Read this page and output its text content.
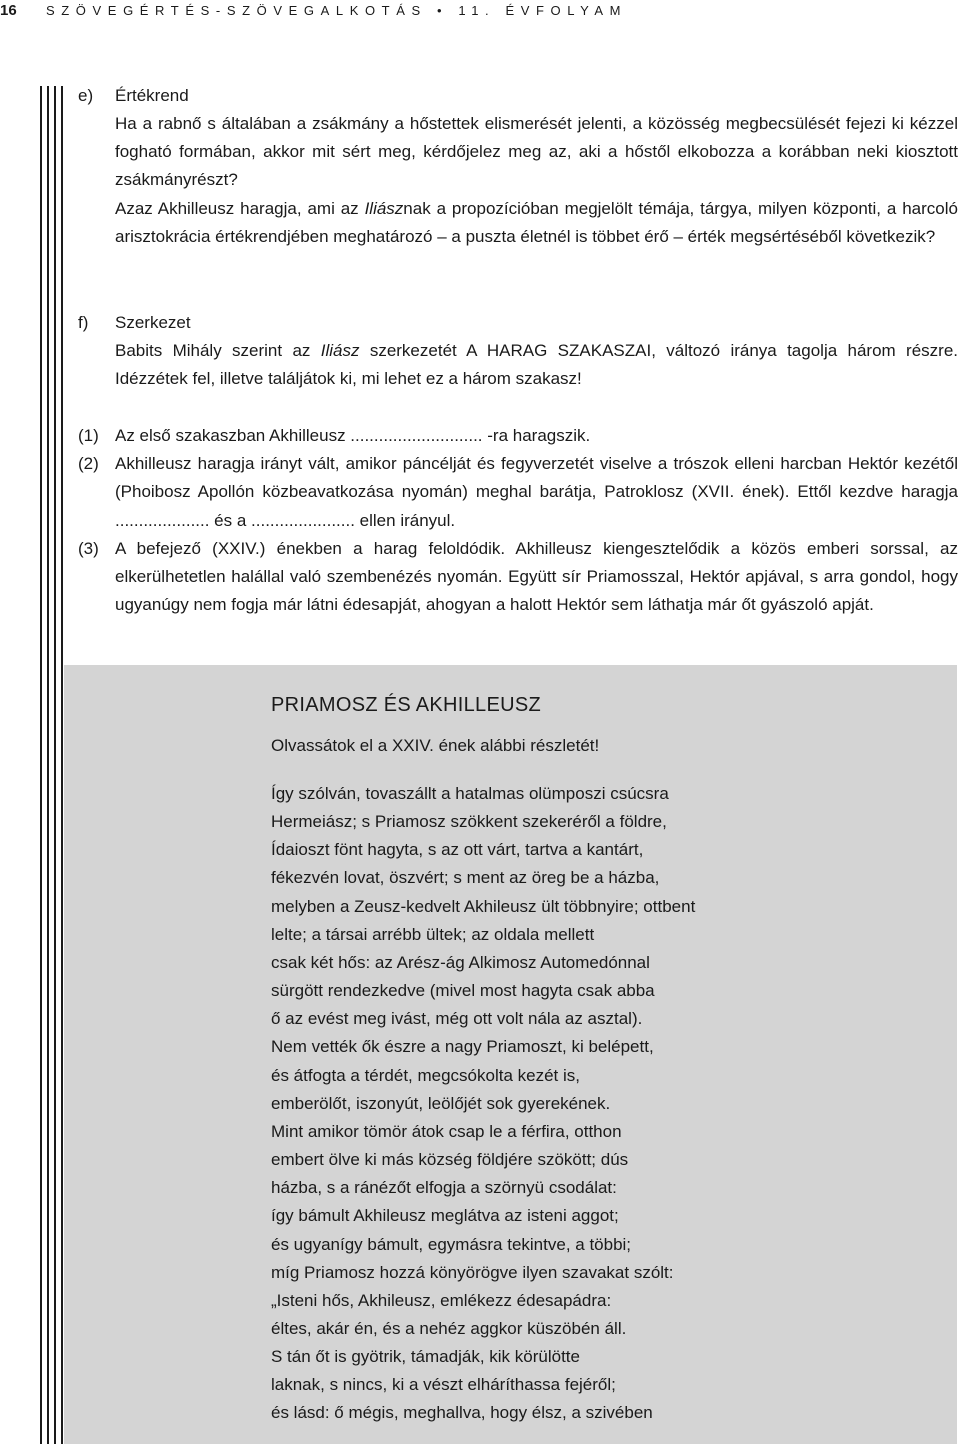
16 SZÖVEGÉRTÉS-SZÖVEGALKOTÁS • 11. ÉVFOLYAM
e) Értékrend

Ha a rabnő s általában a zsákmány a hőstettek elismerését jelenti, a közösség megbecsülését fejezi ki kézzel fogható formában, akkor mit sért meg, kérdőjelez meg az, aki a hőstől elkobozza a korábban neki kiosztott zsákmányrészt?

Azaz Akhilleusz haragja, ami az Iliásznak a propozícióban megjelölt témája, tárgya, milyen központi, a harcoló arisztokrácia értékrendjében meghatározó – a puszta életnél is többet érő – érték megsértéséből következik?

f) Szerkezet

Babits Mihály szerint az Iliász szerkezetét A HARAG SZAKASZAI, változó iránya tagolja három részre. Idézzétek fel, illetve találjátok ki, mi lehet ez a három szakasz!

(1) Az első szakaszban Akhilleusz ............................ -ra haragszik.
(2) Akhilleusz haragja irányt vált, amikor páncélját és fegyverzetét viselve a trószok elleni harcban Hektór kezétől (Phoibosz Apollón közbeavatkozása nyomán) meghal barátja, Patroklosz (XVII. ének). Ettől kezdve haragja .................... és a ...................... ellen irányul.
(3) A befejező (XXIV.) énekben a harag feloldódik. Akhilleusz kiengesztelődik a közös emberi sorssal, az elkerülhetetlen halállal való szembenézés nyomán. Együtt sír Priamosszal, Hektór apjával, s arra gondol, hogy ugyanúgy nem fogja már látni édesapját, ahogyan a halott Hektór sem láthatja már őt gyászoló apját.
PRIAMOSZ ÉS AKHILLEUSZ
Olvassátok el a XXIV. ének alábbi részletét!
Így szólván, tovaszállt a hatalmas olümposzi csúcsra
Hermeiász; s Priamosz szökkent szekeréről a földre,
Ídaioszt fönt hagyta, s az ott várt, tartva a kantárt,
fékezvén lovat, öszvért; s ment az öreg be a házba,
melyben a Zeusz-kedvelt Akhileusz ült többnyire; ottbent
lelte; a társai arrébb ültek; az oldala mellett
csak két hős: az Arész-ág Alkimosz Automedónnal
sürgött rendezkedve (mivel most hagyta csak abba
ő az evést meg ivást, még ott volt nála az asztal).
Nem vették ők észre a nagy Priamoszt, ki belépett,
és átfogta a térdét, megcsókolta kezét is,
emberölőt, iszonyút, leölőjét sok gyerekének.
Mint amikor tömör átok csap le a férfira, otthon
embert ölve ki más község földjére szökött; dús
házba, s a ránézőt elfogja a szörnyü csodálat:
így bámult Akhileusz meglátva az isteni aggot;
és ugyanígy bámult, egymásra tekintve, a többi;
míg Priamosz hozzá könyörögve ilyen szavakat szólt:
„Isteni hős, Akhileusz, emlékezz édesapádra:
éltes, akár én, és a nehéz aggkor küszöbén áll.
S tán őt is gyötrik, támadják, kik körülötte
laknak, s nincs, ki a vészt elháríthassa fejéről;
és lásd: ő mégis, meghallva, hogy élsz, a szivében
